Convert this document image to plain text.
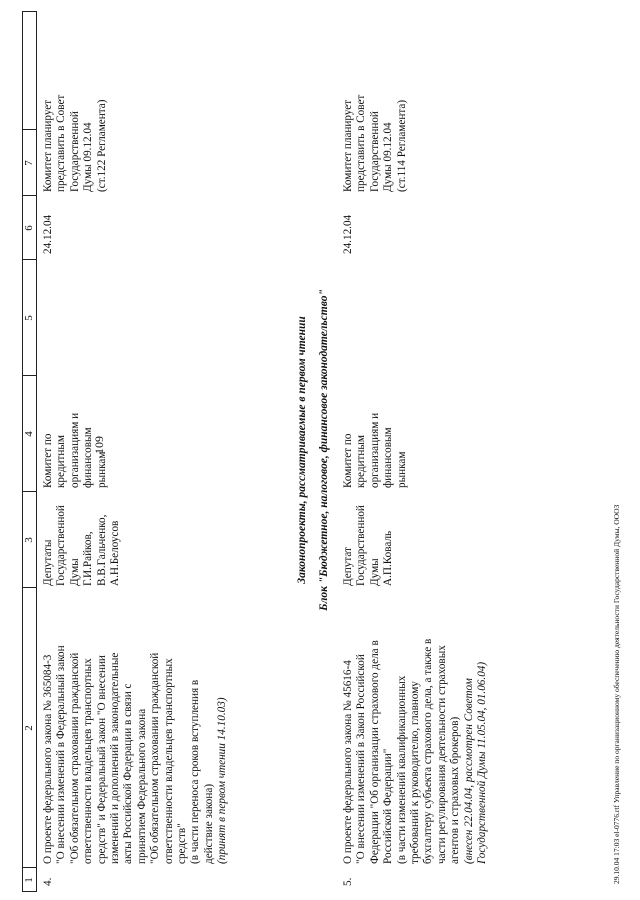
109
1
2
3
4
5
6
7
4.
О проекте федерального закона № 365084-3 "О внесении изменений в Федеральный закон "Об обязательном страховании гражданской ответственности владельцев транспортных средств" и Федеральный закон "О внесении изменений и дополнений в законодательные акты Российской Федерации в связи с принятием Федерального закона "Об обязательном страховании гражданской ответственности владельцев транспортных средств" (в части переноса сроков вступления в действие закона) (принят в первом чтении 14.10.03)
Депутаты Государственной Думы Г.И.Райков, В.В.Гальченко, А.Н.Белоусов
Комитет по кредитным организациям и финансовым рынкам
24.12.04
Комитет планирует представить в Совет Государственной Думы 09.12.04 (ст.122 Регламента)
Законопроекты, рассматриваемые в первом чтении Блок "Бюджетное, налоговое, финансовое законодательство"
5.
О проекте федерального закона № 45616-4 "О внесении изменений в Закон Российской Федерации "Об организации страхового дела в Российской Федерации" (в части изменений квалификационных требований к руководителю, главному бухгалтеру субъекта страхового дела, а также в части регулирования деятельности страховых агентов и страховых брокеров) (внесен 22.04.04, рассмотрен Советом Государственной Думы 11.05.04, 01.06.04)
Депутат Государственной Думы А.П.Коваль
Комитет по кредитным организациям и финансовым рынкам
24.12.04
Комитет планирует представить в Совет Государственной Думы 09.12.04 (ст.114 Регламента)
29.10.04 17:03 el-0776.rtf Управление по организационному обеспечению деятельности Государственной Думы, ООО3
